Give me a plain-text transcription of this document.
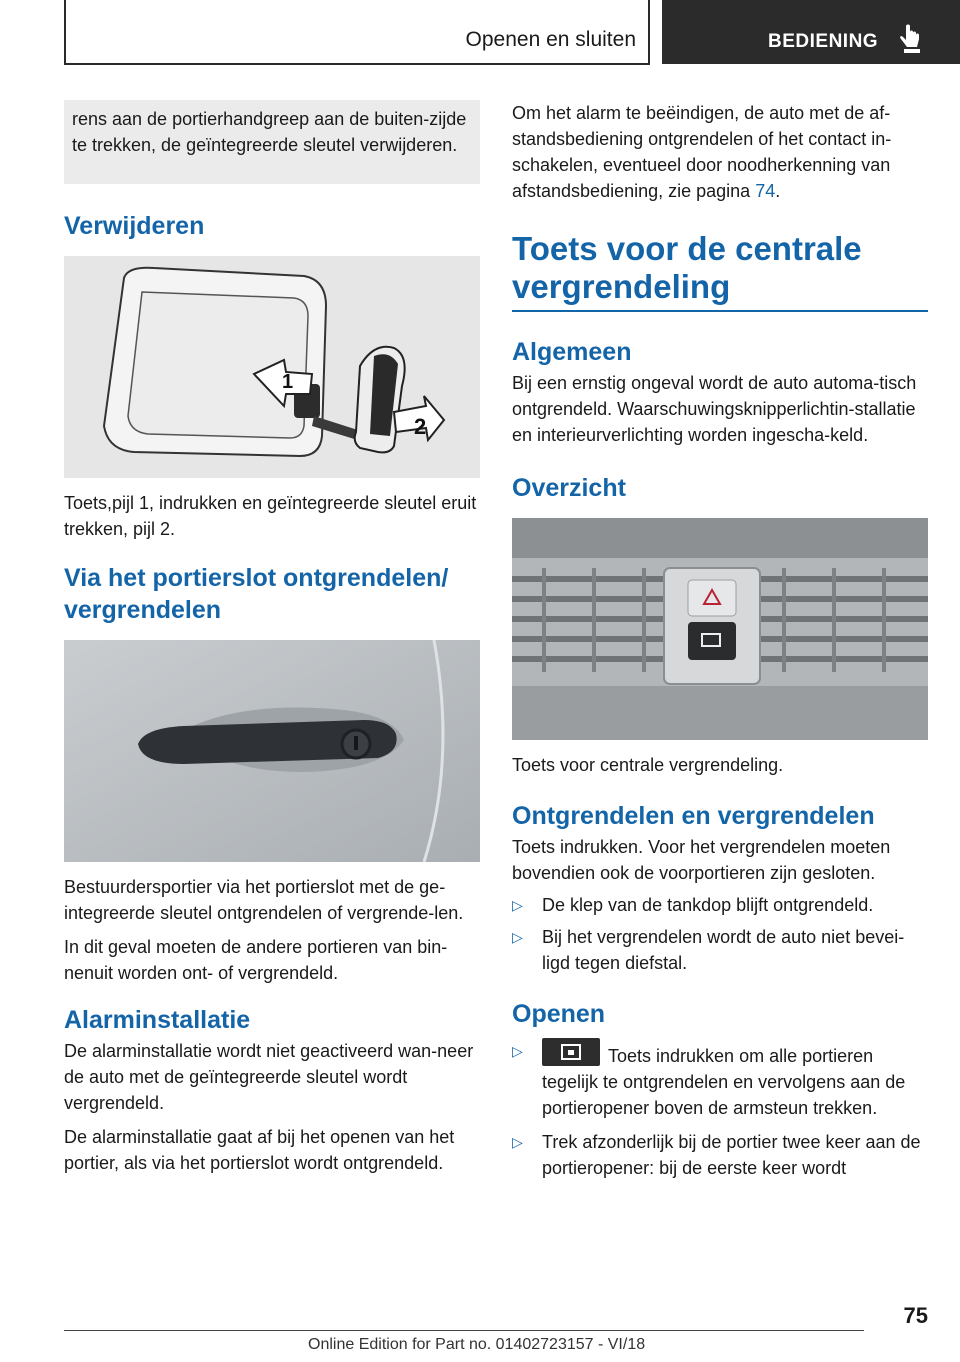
Openen en sluiten	BEDIENING

rens aan de portierhandgreep aan de buiten-zijde te trekken, de geïntegreerde sleutel verwijderen.

Verwijderen
1
2

Toets,pijl 1, indrukken en geïntegreerde sleutel eruit trekken, pijl 2.

Via het portierslot ontgrendelen/ vergrendelen

Bestuurdersportier via het portierslot met de ge-integreerde sleutel ontgrendelen of vergrende-len.

In dit geval moeten de andere portieren van bin-nenuit worden ont- of vergrendeld.

Alarminstallatie

De alarminstallatie wordt niet geactiveerd wan-neer de auto met de geïntegreerde sleutel wordt vergrendeld.

De alarminstallatie gaat af bij het openen van het portier, als via het portierslot wordt ontgrendeld.

Om het alarm te beëindigen, de auto met de af-standsbediening ontgrendelen of het contact in-schakelen, eventueel door noodherkenning van afstandsbediening, zie pagina 74.

Toets voor de centrale vergrendeling
Algemeen

Bij een ernstig ongeval wordt de auto automa-tisch ontgrendeld. Waarschuwingsknipperlichtin-stallatie en interieurverlichting worden ingescha-keld.

Overzicht

Toets voor centrale vergrendeling.

Ontgrendelen en vergrendelen

Toets indrukken. Voor het vergrendelen moeten bovendien ook de voorportieren zijn gesloten.

▷	De klep van de tankdop blijft ontgrendeld.
▷	Bij het vergrendelen wordt de auto niet bevei-ligd tegen diefstal.
Openen
▷	Toets indrukken om alle portieren tegelijk te ontgrendelen en vervolgens aan de portieropener boven de armsteun trekken.
▷	Trek afzonderlijk bij de portier twee keer aan de portieropener: bij de eerste keer wordt
75
Online Edition for Part no. 01402723157 - VI/18
